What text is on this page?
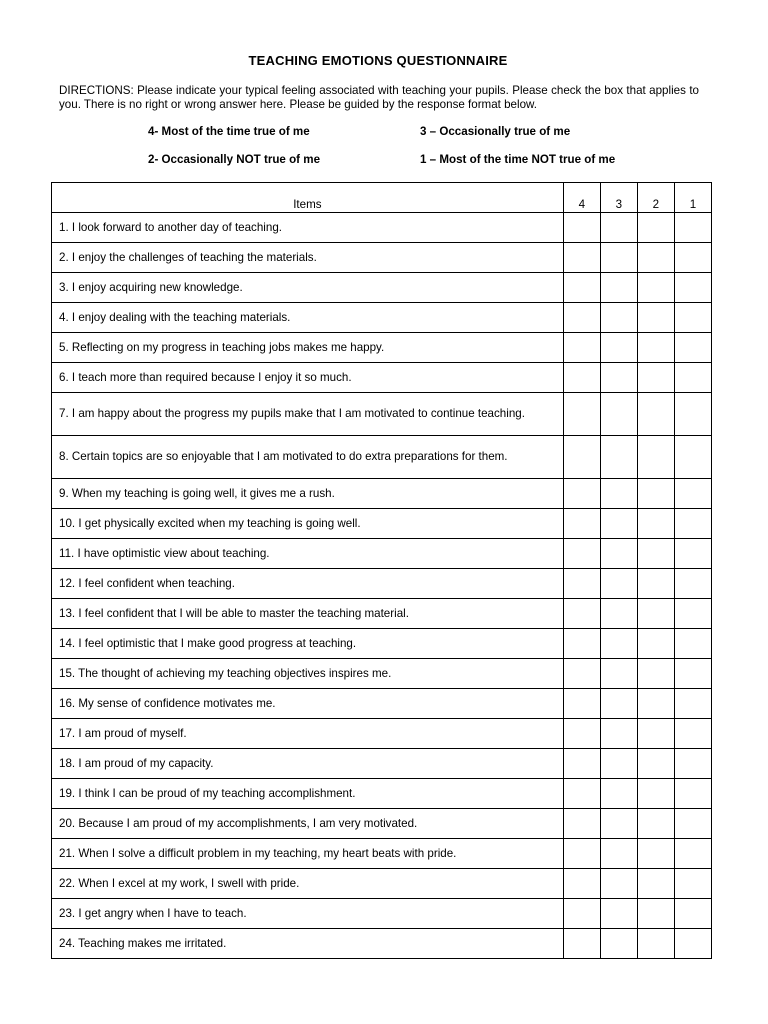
TEACHING EMOTIONS QUESTIONNAIRE
DIRECTIONS: Please indicate your typical feeling associated with teaching your pupils. Please check the box that applies to you. There is no right or wrong answer here. Please be guided by the response format below.
4- Most of the time true of me	3 – Occasionally true of me
2- Occasionally NOT true of me	1 – Most of the time NOT true of me
Items	4	3	2	1

1. I look forward to another day of teaching.				

2. I enjoy the challenges of teaching the materials.				

3. I enjoy acquiring new knowledge.				

4. I enjoy dealing with the teaching materials.				

5. Reflecting on my progress in teaching jobs makes me happy.				

6. I teach more than required because I enjoy it so much.				

7. I am happy about the progress my pupils make that I am motivated to continue teaching.				

8. Certain topics are so enjoyable that I am motivated to do extra preparations for them.				

9. When my teaching is going well, it gives me a rush.				

10. I get physically excited when my teaching is going well.				

11. I have optimistic view about teaching.				

12. I feel confident when teaching.				

13. I feel confident that I will be able to master the teaching material.				

14. I feel optimistic that I make good progress at teaching.				

15. The thought of achieving my teaching objectives inspires me.				

16. My sense of confidence motivates me.				

17. I am proud of myself.				

18. I am proud of my capacity.				

19. I think I can be proud of my teaching accomplishment.				

20. Because I am proud of my accomplishments, I am very motivated.				

21. When I solve a difficult problem in my teaching, my heart beats with pride.				

22. When I excel at my work, I swell with pride.				

23. I get angry when I have to teach.				

24. Teaching makes me irritated.				
